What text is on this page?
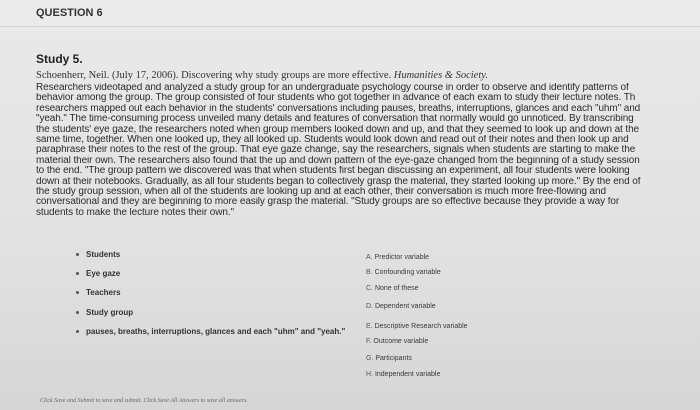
QUESTION 6
Study 5.
Schoenherr, Neil. (July 17, 2006). Discovering why study groups are more effective. Humanities & Society.
Researchers videotaped and analyzed a study group for an undergraduate psychology course in order to observe and identify patterns of
behavior among the group. The group consisted of four students who got together in advance of each exam to study their lecture notes. Th
researchers mapped out each behavior in the students' conversations including pauses, breaths, interruptions, glances and each "uhm" and
"yeah." The time-consuming process unveiled many details and features of conversation that normally would go unnoticed. By transcribing
the students' eye gaze, the researchers noted when group members looked down and up, and that they seemed to look up and down at the
same time, together. When one looked up, they all looked up. Students would look down and read out of their notes and then look up and
paraphrase their notes to the rest of the group. That eye gaze change, say the researchers, signals when students are starting to make the
material their own. The researchers also found that the up and down pattern of the eye-gaze changed from the beginning of a study session
to the end. "The group pattern we discovered was that when students first began discussing an experiment, all four students were looking
down at their notebooks. Gradually, as all four students began to collectively grasp the material, they started looking up more." By the end of
the study group session, when all of the students are looking up and at each other, their conversation is much more free-flowing and
conversational and they are beginning to more easily grasp the material. "Study groups are so effective because they provide a way for
students to make the lecture notes their own."
Students
Eye gaze
Teachers
Study group
pauses, breaths, interruptions, glances and each "uhm" and "yeah."
A. Predictor variable
B. Confounding variable
C. None of these
D. Dependent variable
E. Descriptive Research variable
F. Outcome variable
G. Participants
H. Independent variable
Click Save and Submit to save and submit. Click Save All Answers to save all answers.
